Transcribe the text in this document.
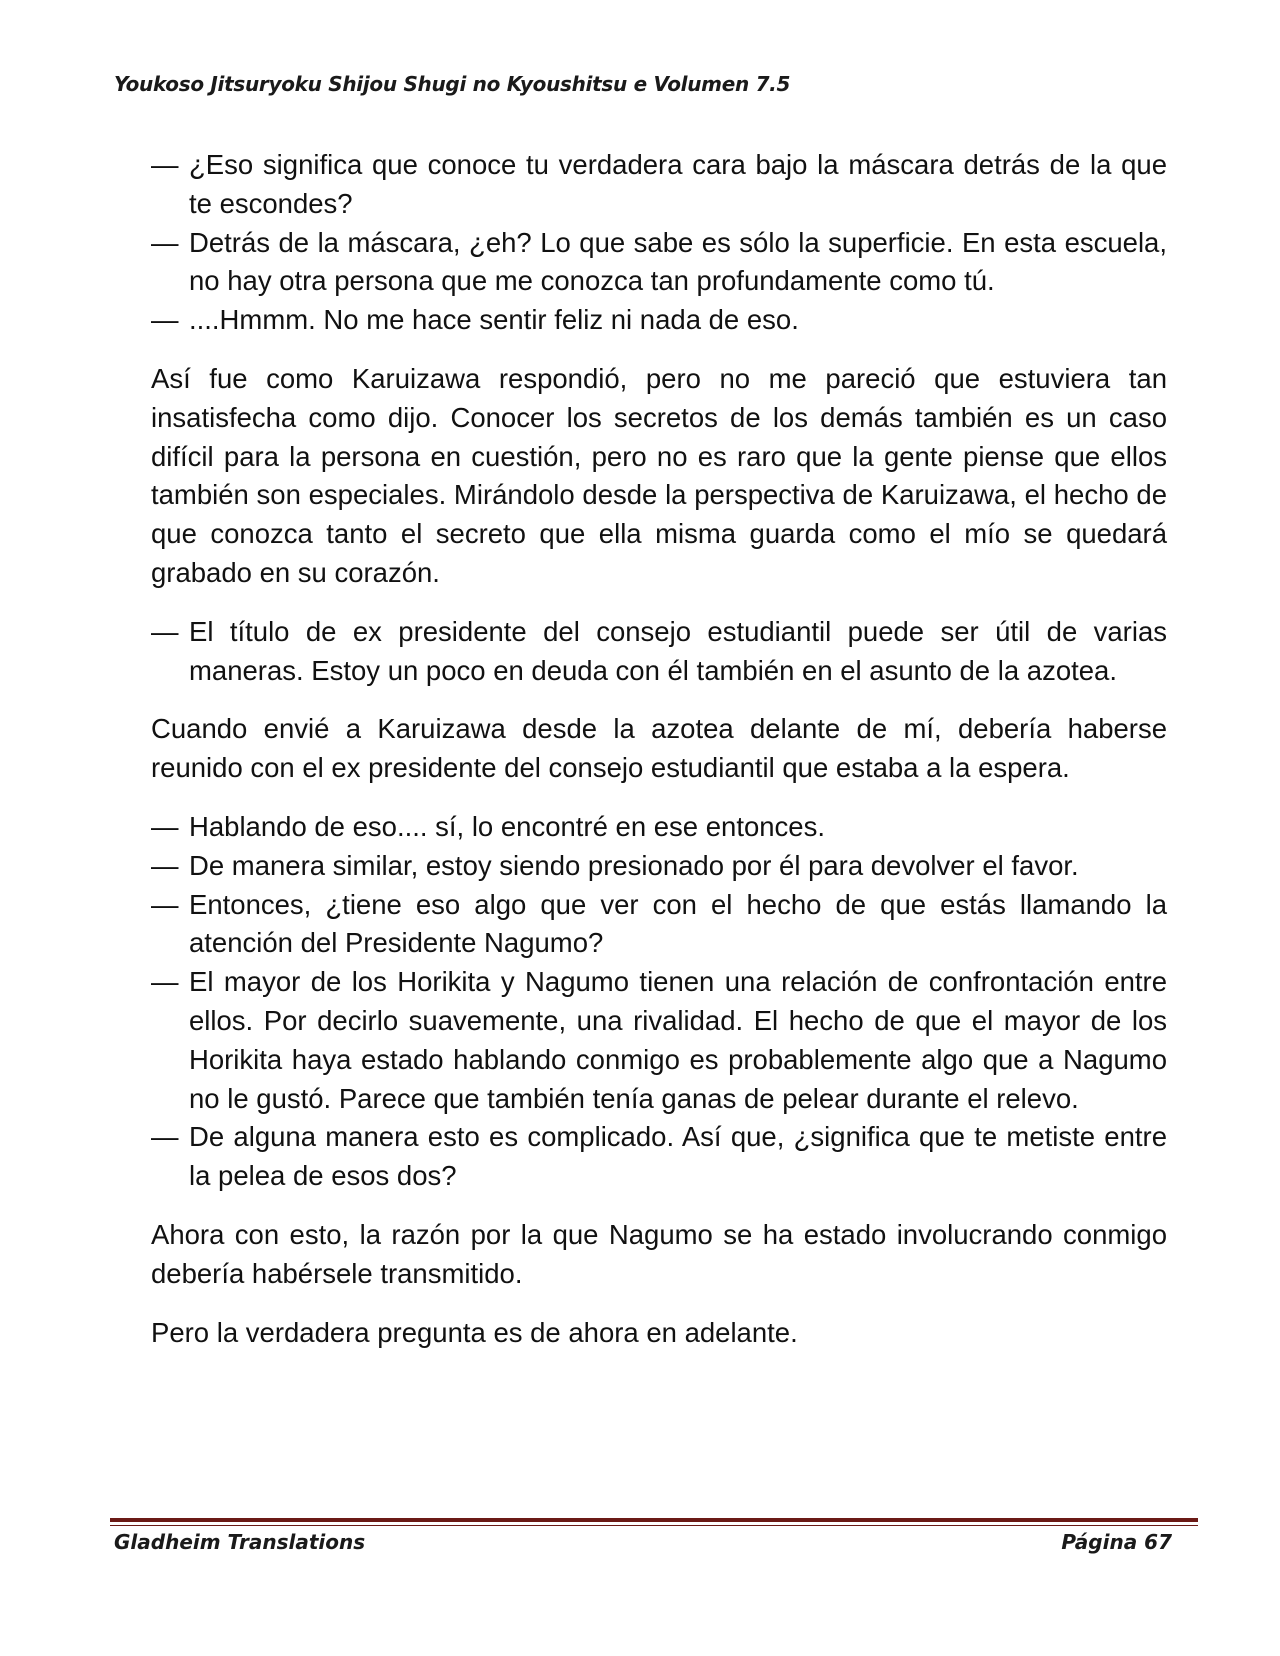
Youkoso Jitsuryoku Shijou Shugi no Kyoushitsu e Volumen 7.5
— ¿Eso significa que conoce tu verdadera cara bajo la máscara detrás de la que te escondes?
— Detrás de la máscara, ¿eh? Lo que sabe es sólo la superficie. En esta escuela, no hay otra persona que me conozca tan profundamente como tú.
— ....Hmmm. No me hace sentir feliz ni nada de eso.

Así fue como Karuizawa respondió, pero no me pareció que estuviera tan insatisfecha como dijo. Conocer los secretos de los demás también es un caso difícil para la persona en cuestión, pero no es raro que la gente piense que ellos también son especiales. Mirándolo desde la perspectiva de Karuizawa, el hecho de que conozca tanto el secreto que ella misma guarda como el mío se quedará grabado en su corazón.

— El título de ex presidente del consejo estudiantil puede ser útil de varias maneras. Estoy un poco en deuda con él también en el asunto de la azotea.

Cuando envié a Karuizawa desde la azotea delante de mí, debería haberse reunido con el ex presidente del consejo estudiantil que estaba a la espera.

— Hablando de eso.... sí, lo encontré en ese entonces.
— De manera similar, estoy siendo presionado por él para devolver el favor.
— Entonces, ¿tiene eso algo que ver con el hecho de que estás llamando la atención del Presidente Nagumo?
— El mayor de los Horikita y Nagumo tienen una relación de confrontación entre ellos. Por decirlo suavemente, una rivalidad. El hecho de que el mayor de los Horikita haya estado hablando conmigo es probablemente algo que a Nagumo no le gustó. Parece que también tenía ganas de pelear durante el relevo.
— De alguna manera esto es complicado. Así que, ¿significa que te metiste entre la pelea de esos dos?

Ahora con esto, la razón por la que Nagumo se ha estado involucrando conmigo debería habérsele transmitido.

Pero la verdadera pregunta es de ahora en adelante.

Gladheim Translations	Página 67
